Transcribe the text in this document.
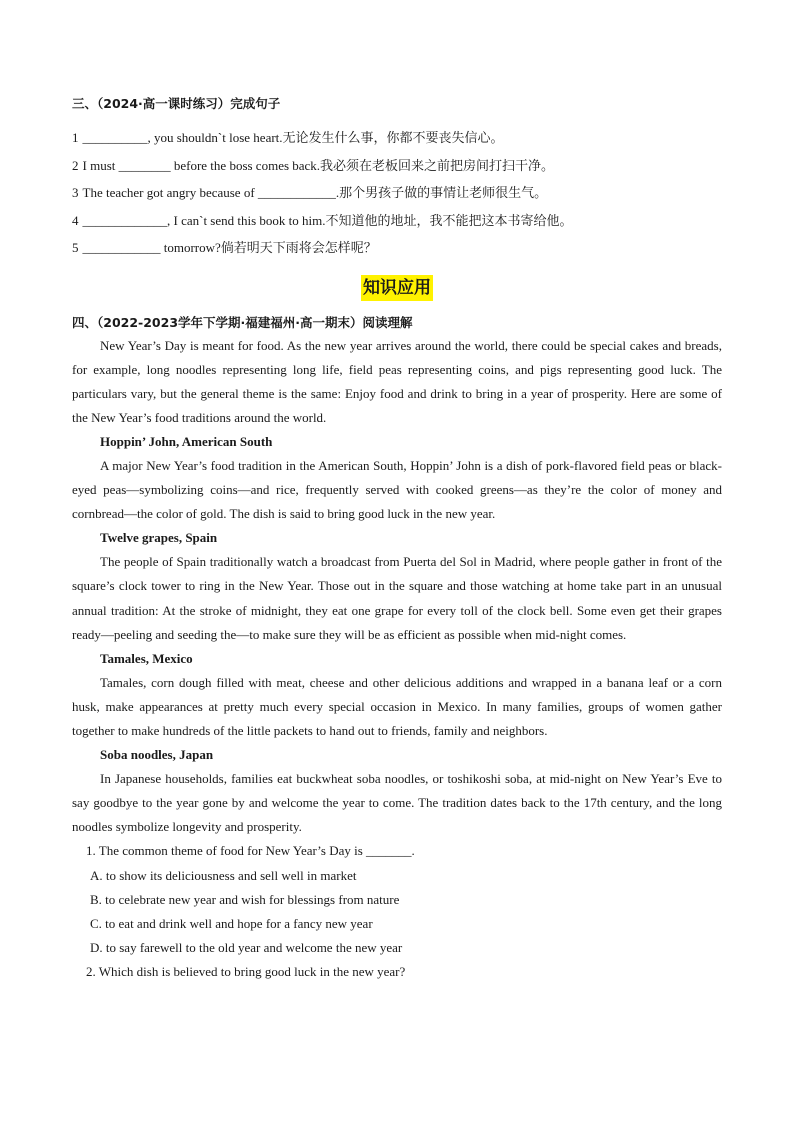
三、（2024·高一课时练习）完成句子

1 __________, you shouldn`t lose heart.无论发生什么事，你都不要丧失信心。

2 I must ________ before the boss comes back.我必须在老板回来之前把房间打扫干净。

3 The teacher got angry because of ____________.那个男孩子做的事情让老师很生气。

4 _____________, I can`t send this book to him.不知道他的地址，我不能把这本书寄给他。

5 ____________ tomorrow?倘若明天下雨将会怎样呢？

知识应用

四、（2022-2023学年下学期·福建福州·高一期末）阅读理解

New Year’s Day is meant for food. As the new year arrives around the world, there could be special cakes and breads, for example, long noodles representing long life, field peas representing coins, and pigs representing good luck. The particulars vary, but the general theme is the same: Enjoy food and drink to bring in a year of prosperity. Here are some of the New Year’s food traditions around the world.

Hoppin’ John, American South

A major New Year’s food tradition in the American South, Hoppin’ John is a dish of pork-flavored field peas or black-eyed peas—symbolizing coins—and rice, frequently served with cooked greens—as they’re the color of money and cornbread—the color of gold. The dish is said to bring good luck in the new year.

Twelve grapes, Spain

The people of Spain traditionally watch a broadcast from Puerta del Sol in Madrid, where people gather in front of the square’s clock tower to ring in the New Year. Those out in the square and those watching at home take part in an unusual annual tradition: At the stroke of midnight, they eat one grape for every toll of the clock bell. Some even get their grapes ready—peeling and seeding the—to make sure they will be as efficient as possible when mid-night comes.

Tamales, Mexico

Tamales, corn dough filled with meat, cheese and other delicious additions and wrapped in a banana leaf or a corn husk, make appearances at pretty much every special occasion in Mexico. In many families, groups of women gather together to make hundreds of the little packets to hand out to friends, family and neighbors.

Soba noodles, Japan

In Japanese households, families eat buckwheat soba noodles, or toshikoshi soba, at mid-night on New Year’s Eve to say goodbye to the year gone by and welcome the year to come. The tradition dates back to the 17th century, and the long noodles symbolize longevity and prosperity.

1. The common theme of food for New Year’s Day is _______.

A. to show its deliciousness and sell well in market

B. to celebrate new year and wish for blessings from nature

C. to eat and drink well and hope for a fancy new year

D. to say farewell to the old year and welcome the new year

2. Which dish is believed to bring good luck in the new year?
